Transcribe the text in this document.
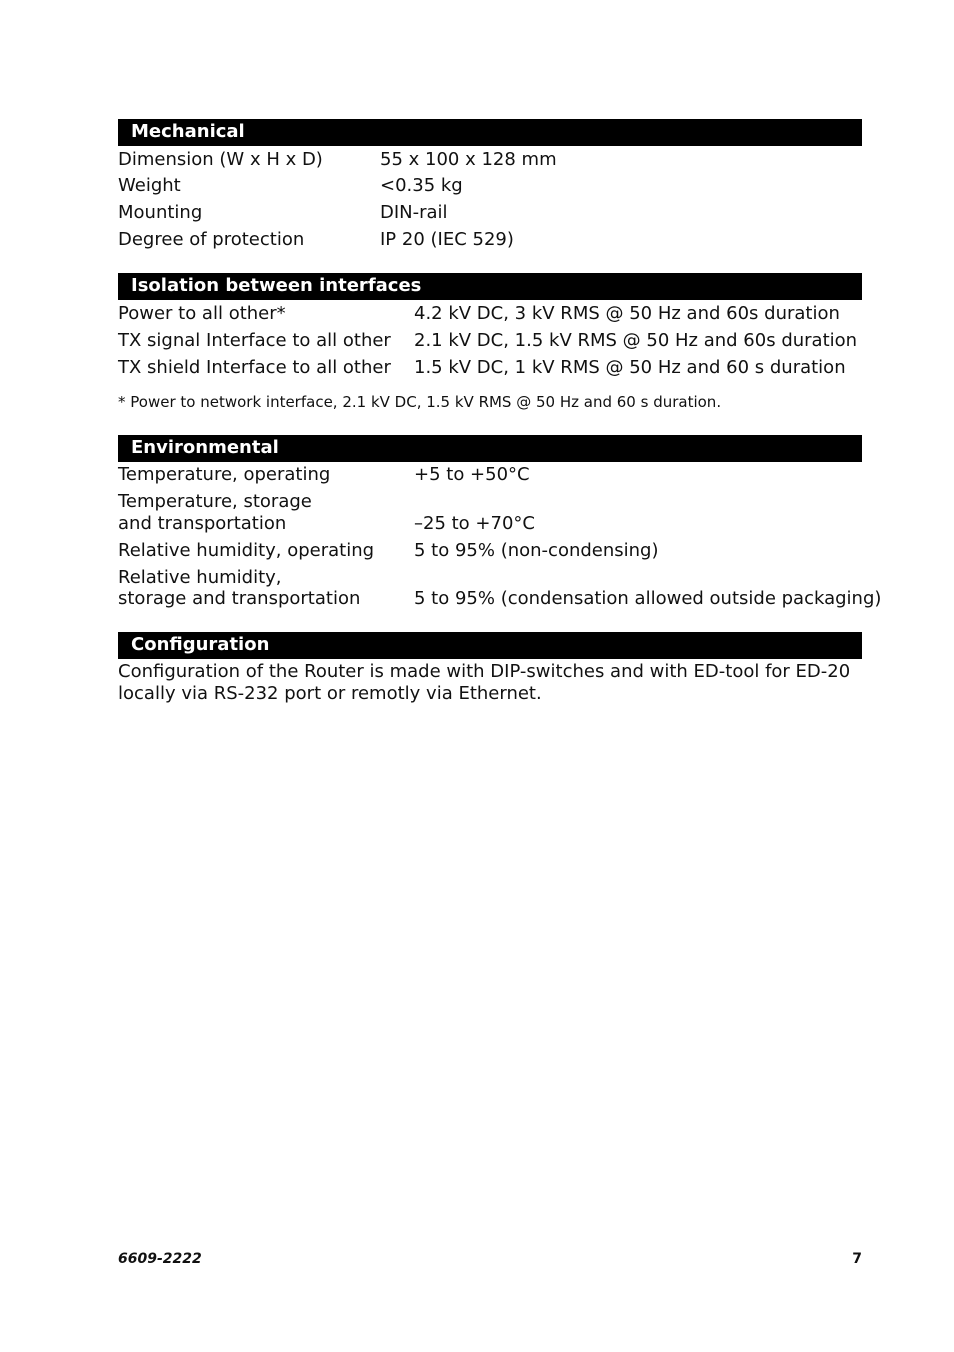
Mechanical
Dimension (W x H x D)	55 x 100 x 128 mm
Weight	<0.35 kg
Mounting	DIN-rail
Degree of protection	IP 20 (IEC 529)
Isolation between interfaces
Power to all other*	4.2 kV DC, 3 kV RMS @ 50 Hz and 60s duration
TX signal Interface to all other 2.1 kV DC, 1.5 kV RMS @ 50 Hz and 60s duration
TX shield Interface to all other 1.5 kV DC, 1 kV RMS @ 50 Hz and 60 s duration
* Power to network interface, 2.1 kV DC, 1.5 kV RMS @ 50 Hz and 60 s duration.
Environmental
Temperature, operating	+5 to +50°C
Temperature, storage
and transportation	–25 to +70°C
Relative humidity, operating 5 to 95% (non-condensing)
Relative humidity,
storage and transportation	5 to 95% (condensation allowed outside packaging)
Configuration
Configuration of the Router is made with DIP-switches and with ED-tool for ED-20 locally via RS-232 port or remotly via Ethernet.
6609-2222	7
